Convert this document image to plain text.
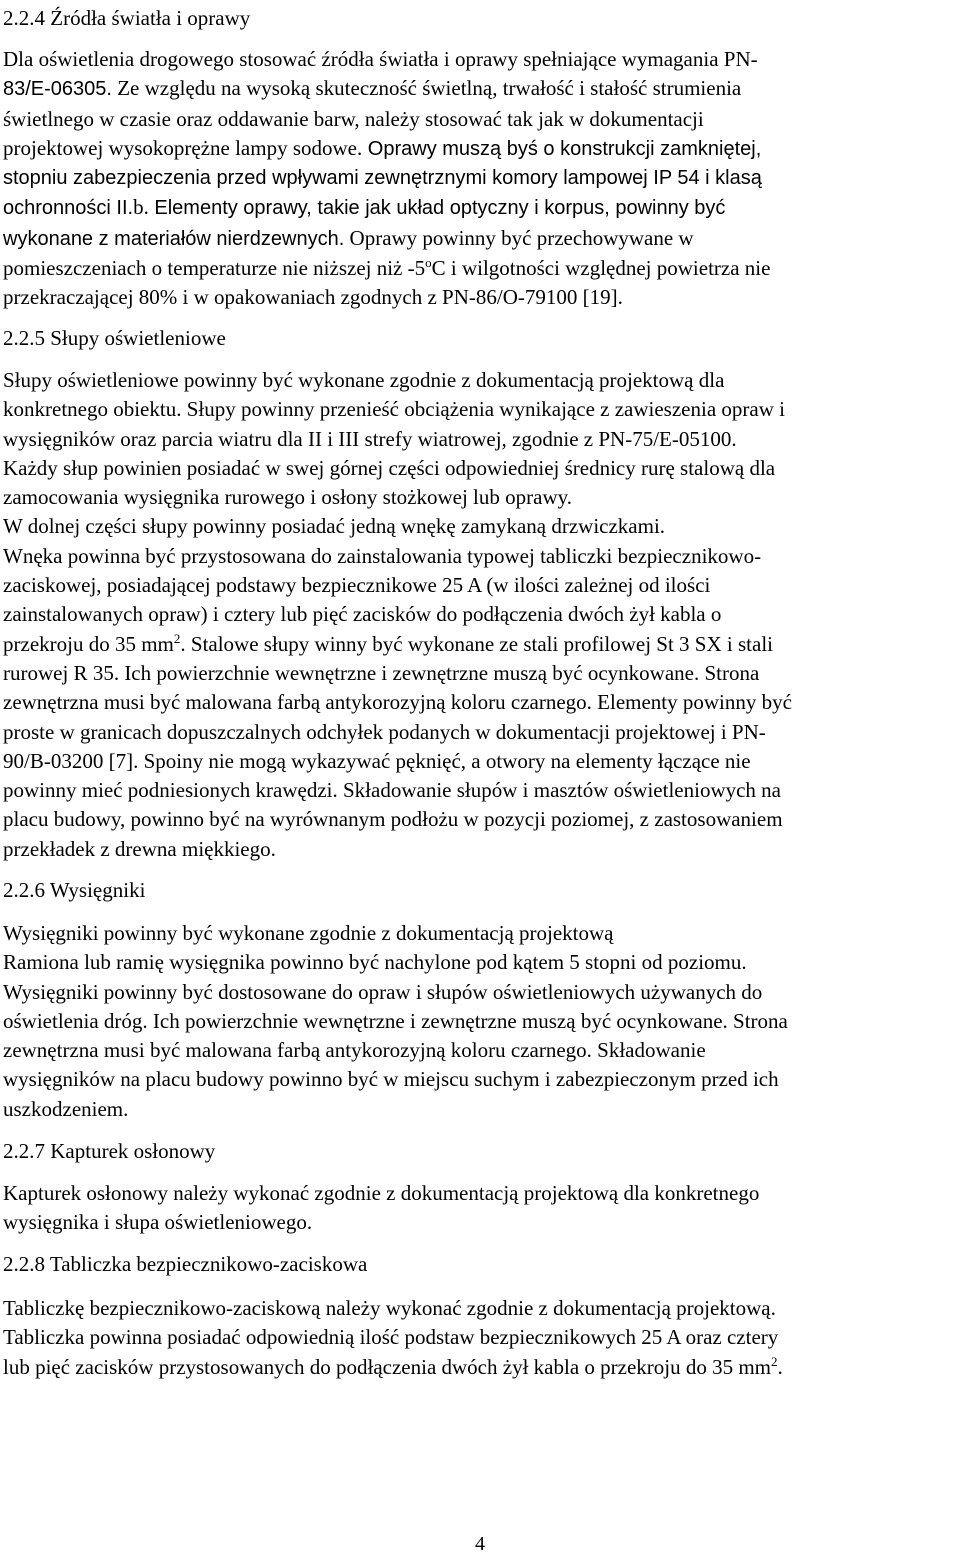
2.2.4 Źródła światła i oprawy
Dla oświetlenia drogowego stosować źródła światła i oprawy spełniające wymagania PN-
83/E-06305. Ze względu na wysoką skuteczność świetlną, trwałość i stałość strumienia
świetlnego w czasie oraz oddawanie barw, należy stosować tak jak w dokumentacji
projektowej wysokoprężne lampy sodowe. Oprawy muszą byś o konstrukcji zamkniętej,
stopniu zabezpieczenia przed wpływami zewnętrznymi komory lampowej IP 54 i klasą
ochronności II.b. Elementy oprawy, takie jak układ optyczny i korpus, powinny być
wykonane z materiałów nierdzewnych. Oprawy powinny być przechowywane w
pomieszczeniach o temperaturze nie niższej niż -5$^o$C i wilgotności względnej powietrza nie
przekraczającej 80% i w opakowaniach zgodnych z PN-86/O-79100 [19].
2.2.5 Słupy oświetleniowe
Słupy oświetleniowe powinny być wykonane zgodnie z dokumentacją projektową dla
konkretnego obiektu. Słupy powinny przenieść obciążenia wynikające z zawieszenia opraw i
wysięgników oraz parcia wiatru dla II i III strefy wiatrowej, zgodnie z PN-75/E-05100.
Każdy słup powinien posiadać w swej górnej części odpowiedniej średnicy rurę stalową dla
zamocowania wysięgnika rurowego i osłony stożkowej lub oprawy.
W dolnej części słupy powinny posiadać jedną wnękę zamykaną drzwiczkami.
Wnęka powinna być przystosowana do zainstalowania typowej tabliczki bezpiecznikowo-
zaciskowej, posiadającej podstawy bezpiecznikowe 25 A (w ilości zależnej od ilości
zainstalowanych opraw) i cztery lub pięć zacisków do podłączenia dwóch żył kabla o
przekroju do 35 $mm^2$. Stalowe słupy winny być wykonane ze stali profilowej St 3 SX i stali
rurowej R 35. Ich powierzchnie wewnętrzne i zewnętrzne muszą być ocynkowane. Strona
zewnętrzna musi być malowana farbą antykorozyjną koloru czarnego. Elementy powinny być
proste w granicach dopuszczalnych odchyłek podanych w dokumentacji projektowej i PN-
90/B-03200 [7]. Spoiny nie mogą wykazywać pęknięć, a otwory na elementy łączące nie
powinny mieć podniesionych krawędzi. Składowanie słupów i masztów oświetleniowych na
placu budowy, powinno być na wyrównanym podłożu w pozycji poziomej, z zastosowaniem
przekładek z drewna miękkiego.
2.2.6 Wysięgniki
Wysięgniki powinny być wykonane zgodnie z dokumentacją projektową
Ramiona lub ramię wysięgnika powinno być nachylone pod kątem 5 stopni od poziomu.
Wysięgniki powinny być dostosowane do opraw i słupów oświetleniowych używanych do
oświetlenia dróg. Ich powierzchnie wewnętrzne i zewnętrzne muszą być ocynkowane. Strona
zewnętrzna musi być malowana farbą antykorozyjną koloru czarnego. Składowanie
wysięgników na placu budowy powinno być w miejscu suchym i zabezpieczonym przed ich
uszkodzeniem.
2.2.7 Kapturek osłonowy
Kapturek osłonowy należy wykonać zgodnie z dokumentacją projektową dla konkretnego
wysięgnika i słupa oświetleniowego.
2.2.8 Tabliczka bezpiecznikowo-zaciskowa
Tabliczkę bezpiecznikowo-zaciskową należy wykonać zgodnie z dokumentacją projektową.
Tabliczka powinna posiadać odpowiednią ilość podstaw bezpiecznikowych 25 A oraz cztery
lub pięć zacisków przystosowanych do podłączenia dwóch żył kabla o przekroju do 35 $mm^2$.
4
